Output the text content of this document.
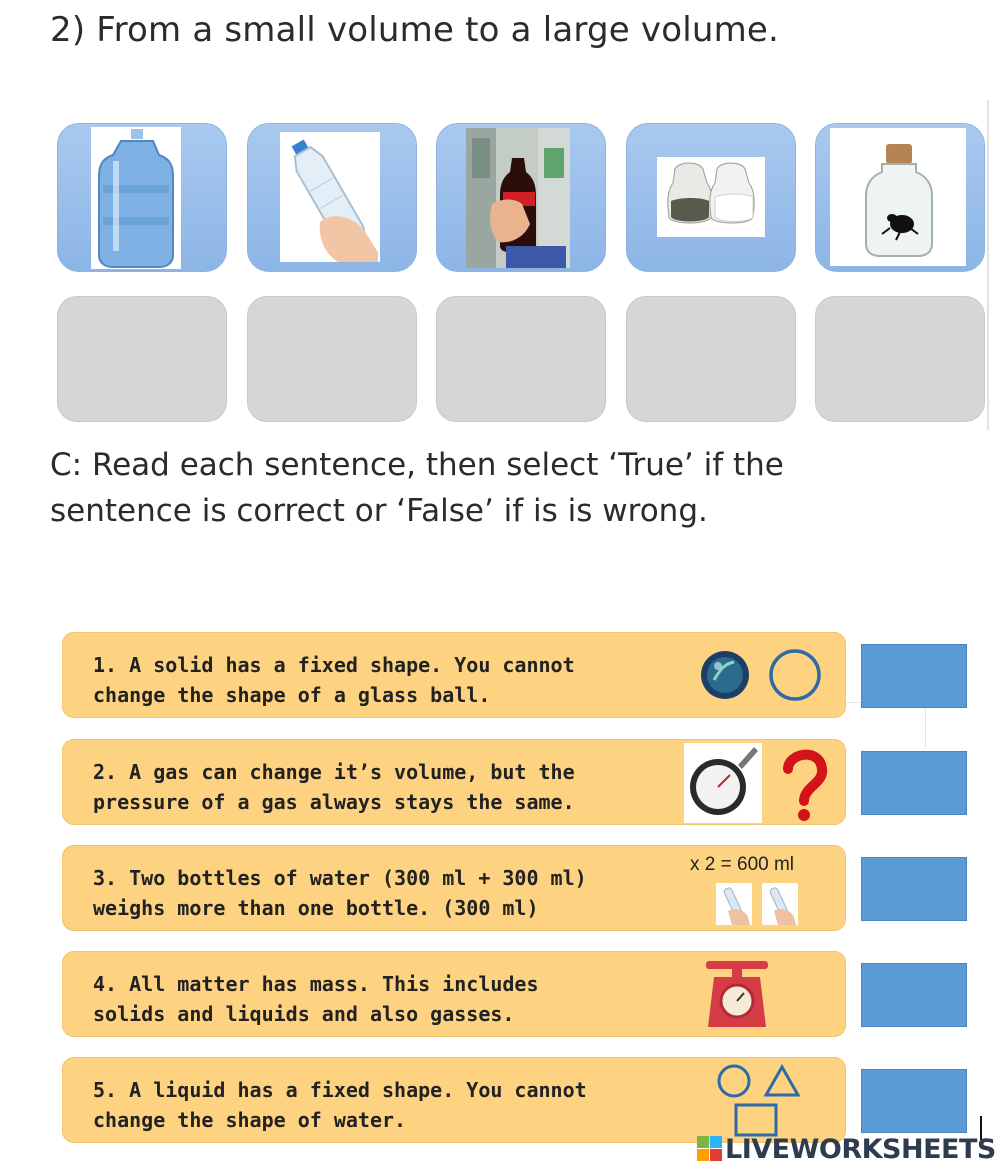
2) From a small volume to a large volume.
C: Read each sentence, then select ‘True’ if the
sentence is correct or ‘False’ if is is wrong.
1. A solid has a fixed shape. You cannot
change the shape of a glass ball.
2. A gas can change it’s volume, but the
pressure of a gas always stays the same.
3. Two bottles of water (300 ml + 300 ml)
weighs more than one bottle. (300 ml)
x 2 = 600 ml
4. All matter has mass. This includes
solids and liquids and also gasses.
5. A liquid has a fixed shape. You cannot
change the shape of water.
LIVEWORKSHEETS
